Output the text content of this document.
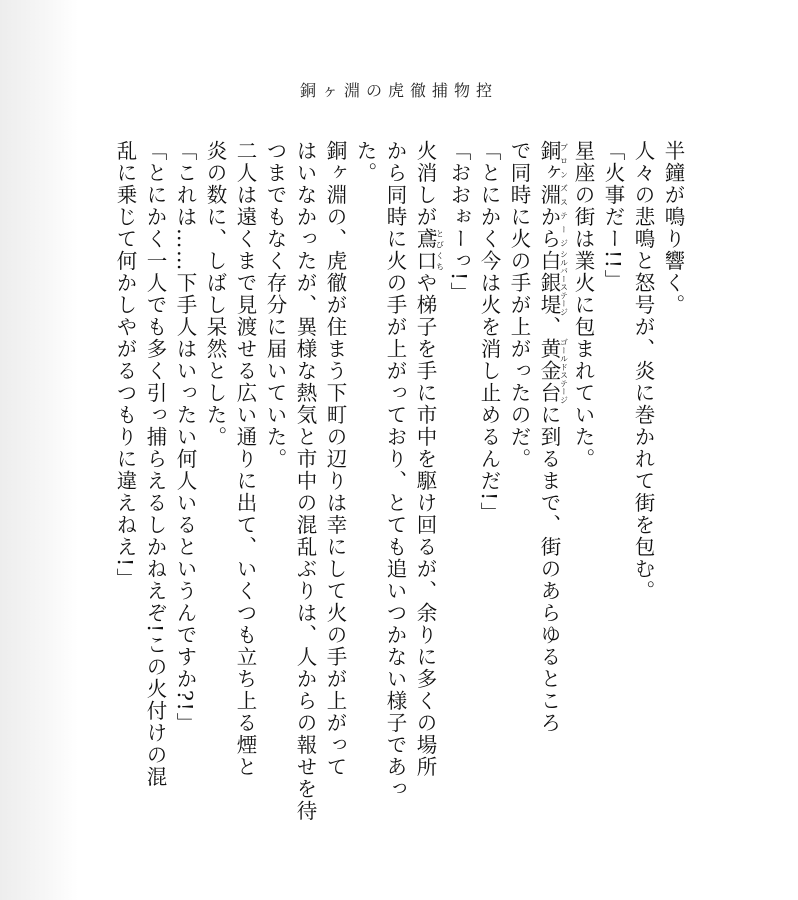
銅ヶ淵の虎徹捕物控
半鐘が鳴り響く。
人々の悲鳴と怒号が、炎に巻かれて街を包む。
「火事だー!!」
星座の街は業火に包まれていた。
銅ヶ淵からブロンズステージ白銀堤シルバーステージ、黄金台ゴールドステージに到るまで、街のあらゆるところ
で同時に火の手が上がったのだ。
「とにかく今は火を消し止めるんだ!」
「おおぉーっ!」
火消しが鳶口とびくちや梯子を手に市中を駆け回るが、余りに多くの場所
から同時に火の手が上がっており、とても追いつかない様子であっ
た。
銅ヶ淵の、虎徹が住まう下町の辺りは幸にして火の手が上がって
はいなかったが、異様な熱気と市中の混乱ぶりは、人からの報せを待
つまでもなく存分に届いていた。
二人は遠くまで見渡せる広い通りに出て、いくつも立ち上る煙と
炎の数に、しばし呆然とした。
「これは……下手人はいったい何人いるというんですか?!」
「とにかく一人でも多く引っ捕らえるしかねえぞ!この火付けの混
乱に乗じて何かしやがるつもりに違えねえ!」
